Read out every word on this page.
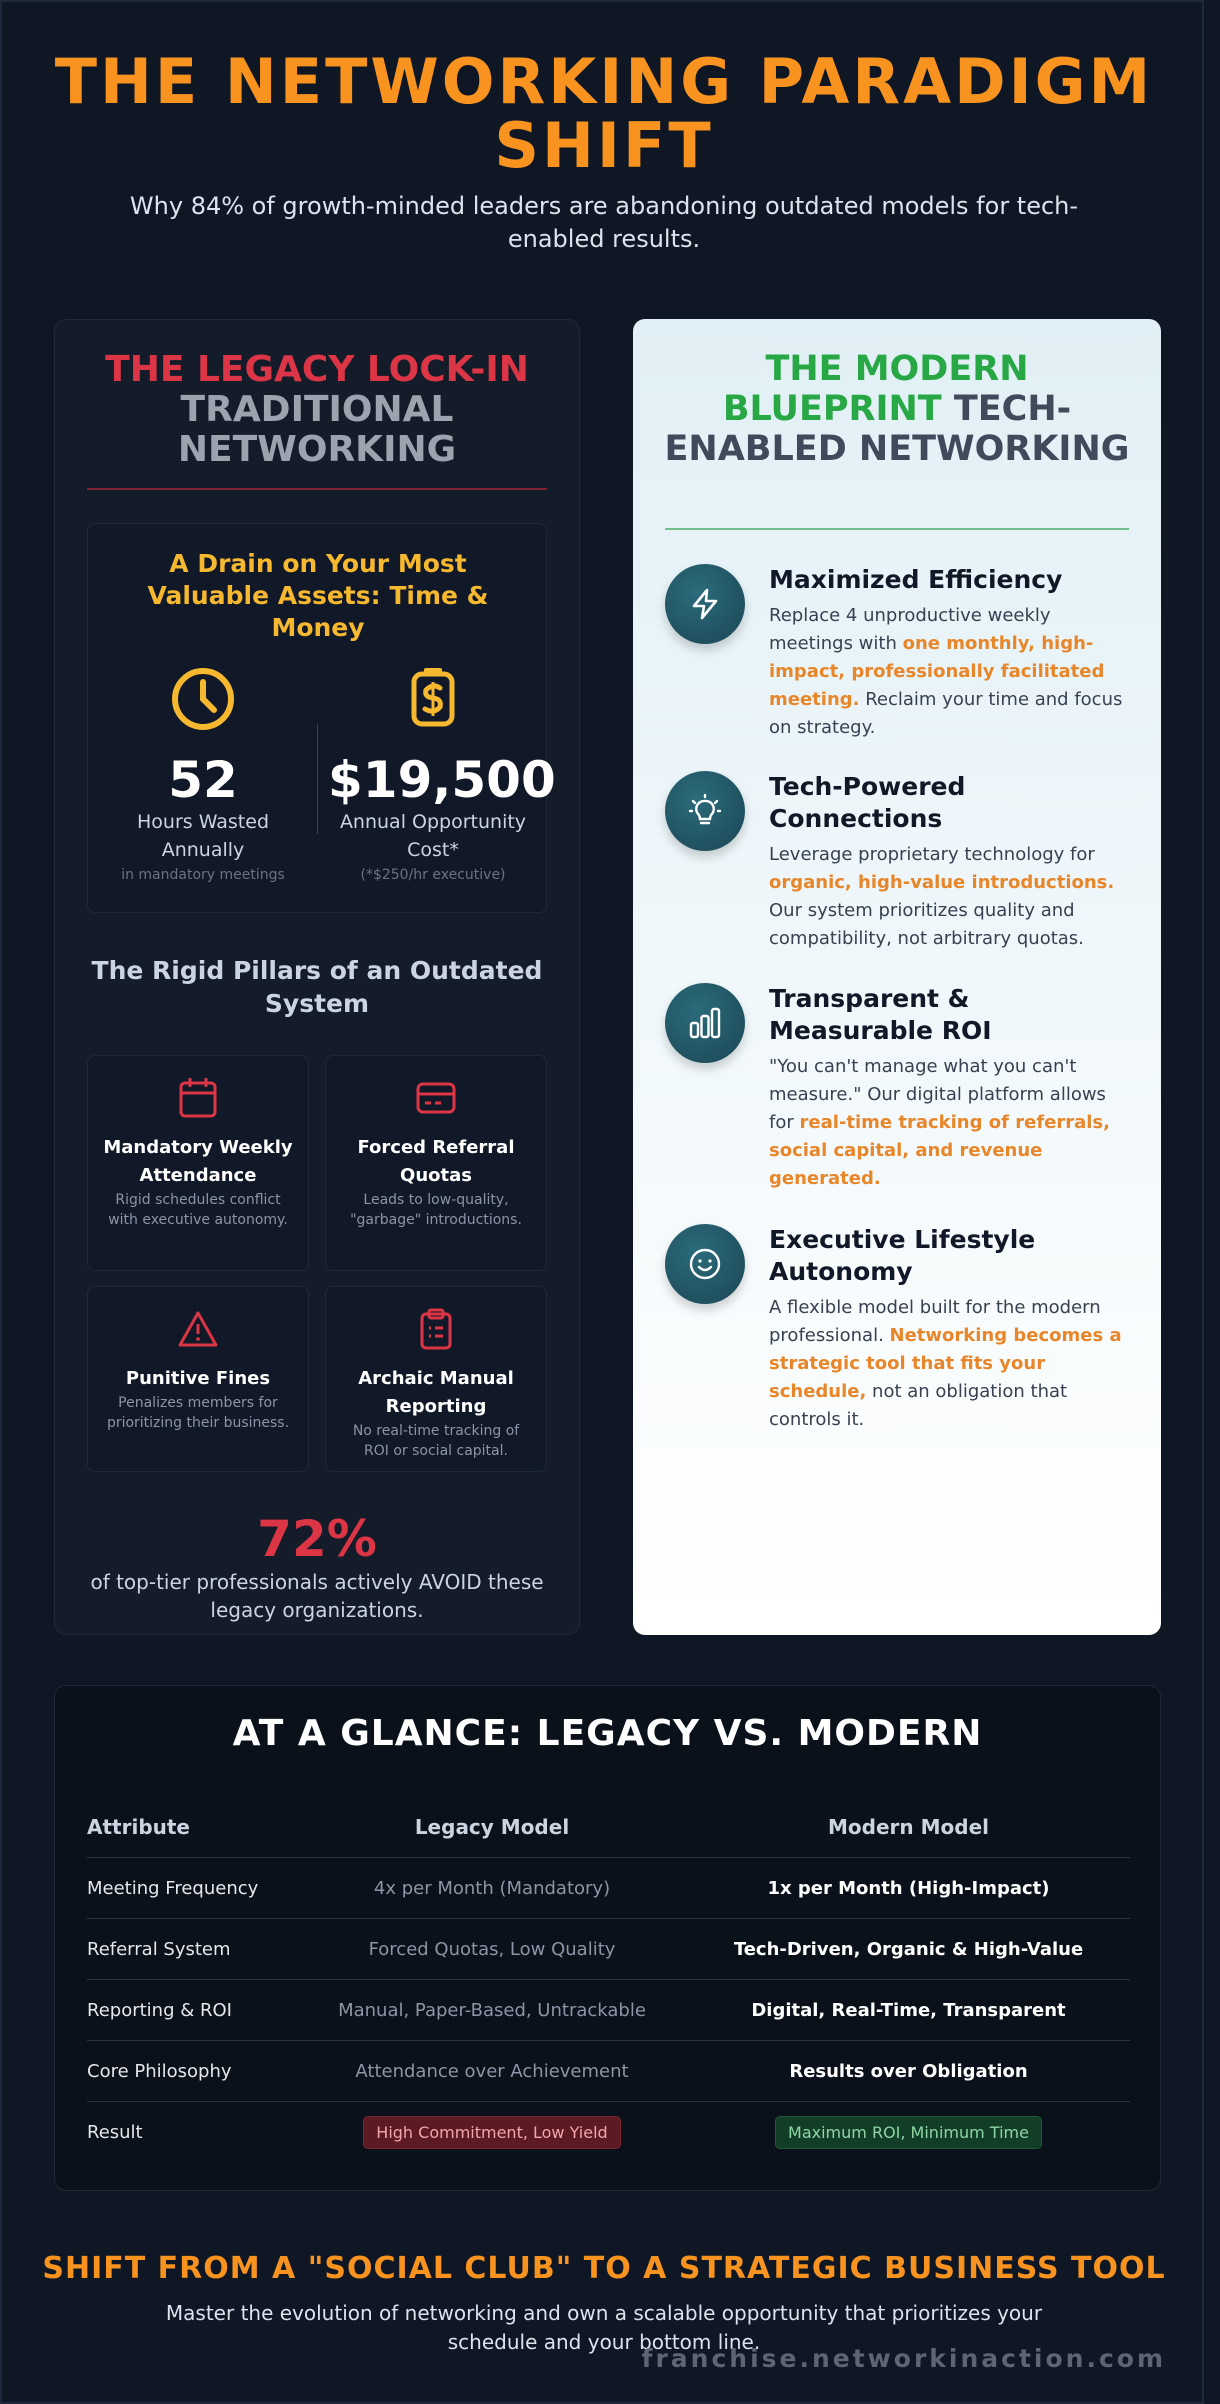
THE NETWORKING PARADIGM SHIFT

Why 84% of growth-minded leaders are abandoning outdated models for tech-enabled results.

THE LEGACY LOCK-IN
TRADITIONAL NETWORKING
A Drain on Your Most Valuable Assets: Time & Money
52
Hours Wasted Annually
in mandatory meetings
$19,500
Annual Opportunity Cost*
(*$250/hr executive)
The Rigid Pillars of an Outdated System
Mandatory Weekly Attendance
Rigid schedules conflict with executive autonomy.
Forced Referral Quotas
Leads to low-quality, "garbage" introductions.
Punitive Fines
Penalizes members for prioritizing their business.
Archaic Manual Reporting
No real-time tracking of ROI or social capital.
72%
of top-tier professionals actively AVOID these legacy organizations.
THE MODERN BLUEPRINT TECH-ENABLED NETWORKING
Maximized Efficiency
Replace 4 unproductive weekly meetings with one monthly, high-impact, professionally facilitated meeting. Reclaim your time and focus on strategy.
Tech-Powered Connections
Leverage proprietary technology for organic, high-value introductions. Our system prioritizes quality and compatibility, not arbitrary quotas.
Transparent & Measurable ROI
"You can't manage what you can't measure." Our digital platform allows for real-time tracking of referrals, social capital, and revenue generated.
Executive Lifestyle Autonomy
A flexible model built for the modern professional. Networking becomes a strategic tool that fits your schedule, not an obligation that controls it.
AT A GLANCE: LEGACY VS. MODERN
Attribute	Legacy Model	Modern Model
Meeting Frequency	4x per Month (Mandatory)	1x per Month (High-Impact)
Referral System	Forced Quotas, Low Quality	Tech-Driven, Organic & High-Value
Reporting & ROI	Manual, Paper-Based, Untrackable	Digital, Real-Time, Transparent
Core Philosophy	Attendance over Achievement	Results over Obligation
Result	High Commitment, Low Yield	Maximum ROI, Minimum Time
SHIFT FROM A "SOCIAL CLUB" TO A STRATEGIC BUSINESS TOOL

Master the evolution of networking and own a scalable opportunity that prioritizes your schedule and your bottom line.

franchise.networkinaction.com
